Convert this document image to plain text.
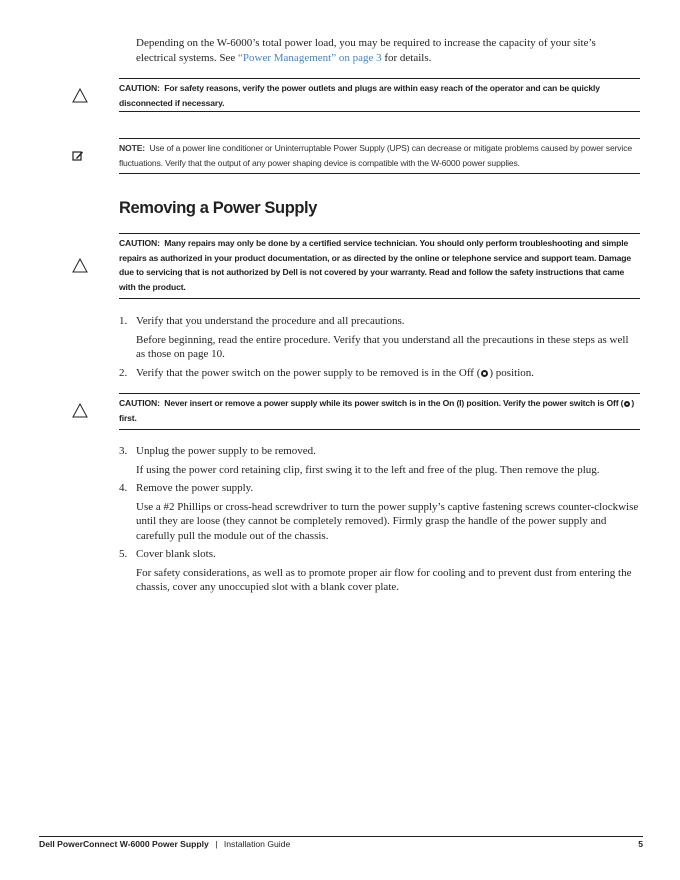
Depending on the W-6000’s total power load, you may be required to increase the capacity of your site’s electrical systems. See “Power Management” on page 3 for details.

CAUTION: For safety reasons, verify the power outlets and plugs are within easy reach of the operator and can be quickly disconnected if necessary.

NOTE: Use of a power line conditioner or Uninterruptable Power Supply (UPS) can decrease or mitigate problems caused by power service fluctuations. Verify that the output of any power shaping device is compatible with the W-6000 power supplies.

Removing a Power Supply

CAUTION: Many repairs may only be done by a certified service technician. You should only perform troubleshooting and simple repairs as authorized in your product documentation, or as directed by the online or telephone service and support team. Damage due to servicing that is not authorized by Dell is not covered by your warranty. Read and follow the safety instructions that came with the product.

1. Verify that you understand the procedure and all precautions.
Before beginning, read the entire procedure. Verify that you understand all the precautions in these steps as well as those on page 10.
2. Verify that the power switch on the power supply to be removed is in the Off ( ) position.

CAUTION: Never insert or remove a power supply while its power switch is in the On (I) position. Verify the power switch is Off ( ) first.

3. Unplug the power supply to be removed.
If using the power cord retaining clip, first swing it to the left and free of the plug. Then remove the plug.
4. Remove the power supply.
Use a #2 Phillips or cross-head screwdriver to turn the power supply’s captive fastening screws counter-clockwise until they are loose (they cannot be completely removed). Firmly grasp the handle of the power supply and carefully pull the module out of the chassis.
5. Cover blank slots.
For safety considerations, as well as to promote proper air flow for cooling and to prevent dust from entering the chassis, cover any unoccupied slot with a blank cover plate.
Dell PowerConnect W-6000 Power Supply | Installation Guide	5
